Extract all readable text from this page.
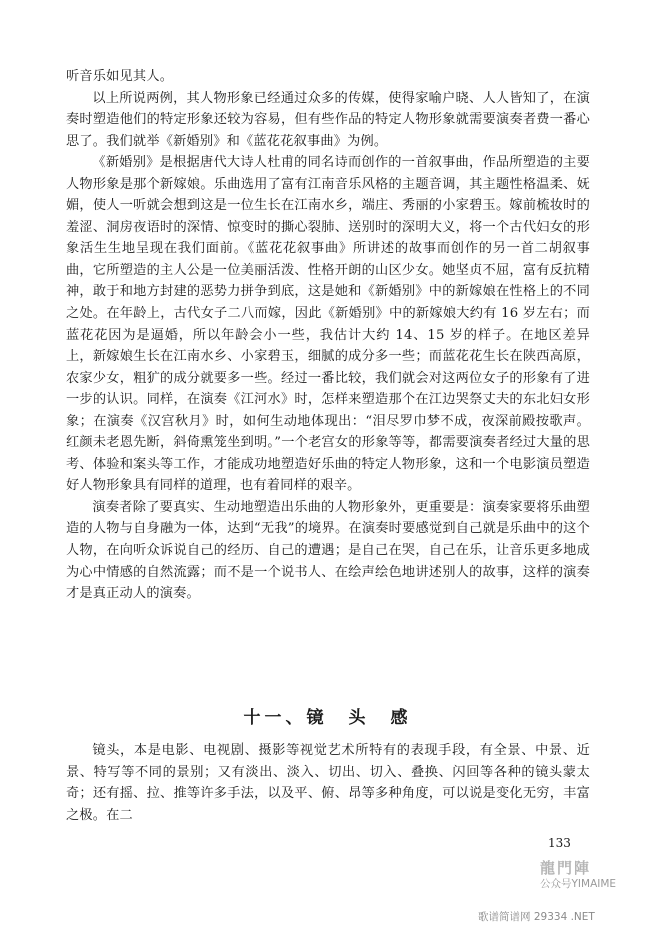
听音乐如见其人。

以上所说两例，其人物形象已经通过众多的传媒，使得家喻户晓、人人皆知了，在演奏时塑造他们的特定形象还较为容易，但有些作品的特定人物形象就需要演奏者费一番心思了。我们就举《新婚别》和《蓝花花叙事曲》为例。

《新婚别》是根据唐代大诗人杜甫的同名诗而创作的一首叙事曲，作品所塑造的主要人物形象是那个新嫁娘。乐曲选用了富有江南音乐风格的主题音调，其主题性格温柔、妩媚，使人一听就会想到这是一位生长在江南水乡，端庄、秀丽的小家碧玉。嫁前梳妆时的羞涩、洞房夜语时的深情、惊变时的撕心裂肺、送别时的深明大义，将一个古代妇女的形象活生生地呈现在我们面前。《蓝花花叙事曲》所讲述的故事而创作的另一首二胡叙事曲，它所塑造的主人公是一位美丽活泼、性格开朗的山区少女。她坚贞不屈，富有反抗精神，敢于和地方封建的恶势力拼争到底，这是她和《新婚别》中的新嫁娘在性格上的不同之处。在年龄上，古代女子二八而嫁，因此《新婚别》中的新嫁娘大约有 16 岁左右；而蓝花花因为是逼婚，所以年龄会小一些，我估计大约 14、15 岁的样子。在地区差异上，新嫁娘生长在江南水乡、小家碧玉，细腻的成分多一些；而蓝花花生长在陕西高原，农家少女，粗犷的成分就要多一些。经过一番比较，我们就会对这两位女子的形象有了进一步的认识。同样，在演奏《江河水》时，怎样来塑造那个在江边哭祭丈夫的东北妇女形象；在演奏《汉宫秋月》时，如何生动地体现出：“泪尽罗巾梦不成，夜深前殿按歌声。红颜未老恩先断，斜倚熏笼坐到明。”一个老宫女的形象等等，都需要演奏者经过大量的思考、体验和案头等工作，才能成功地塑造好乐曲的特定人物形象，这和一个电影演员塑造好人物形象具有同样的道理，也有着同样的艰辛。

演奏者除了要真实、生动地塑造出乐曲的人物形象外，更重要是：演奏家要将乐曲塑造的人物与自身融为一体，达到“无我”的境界。在演奏时要感觉到自己就是乐曲中的这个人物，在向听众诉说自己的经历、自己的遭遇；是自己在哭，自己在乐，让音乐更多地成为心中情感的自然流露；而不是一个说书人、在绘声绘色地讲述别人的故事，这样的演奏才是真正动人的演奏。

十一、镜　头　感

镜头，本是电影、电视剧、摄影等视觉艺术所特有的表现手段，有全景、中景、近景、特写等不同的景别；又有淡出、淡入、切出、切入、叠换、闪回等各种的镜头蒙太奇；还有摇、拉、推等许多手法，以及平、俯、昂等多种角度，可以说是变化无穷，丰富之极。在二

133
龍門陣
公众号YIMAIME
歌谱简谱网 29334 .NET
